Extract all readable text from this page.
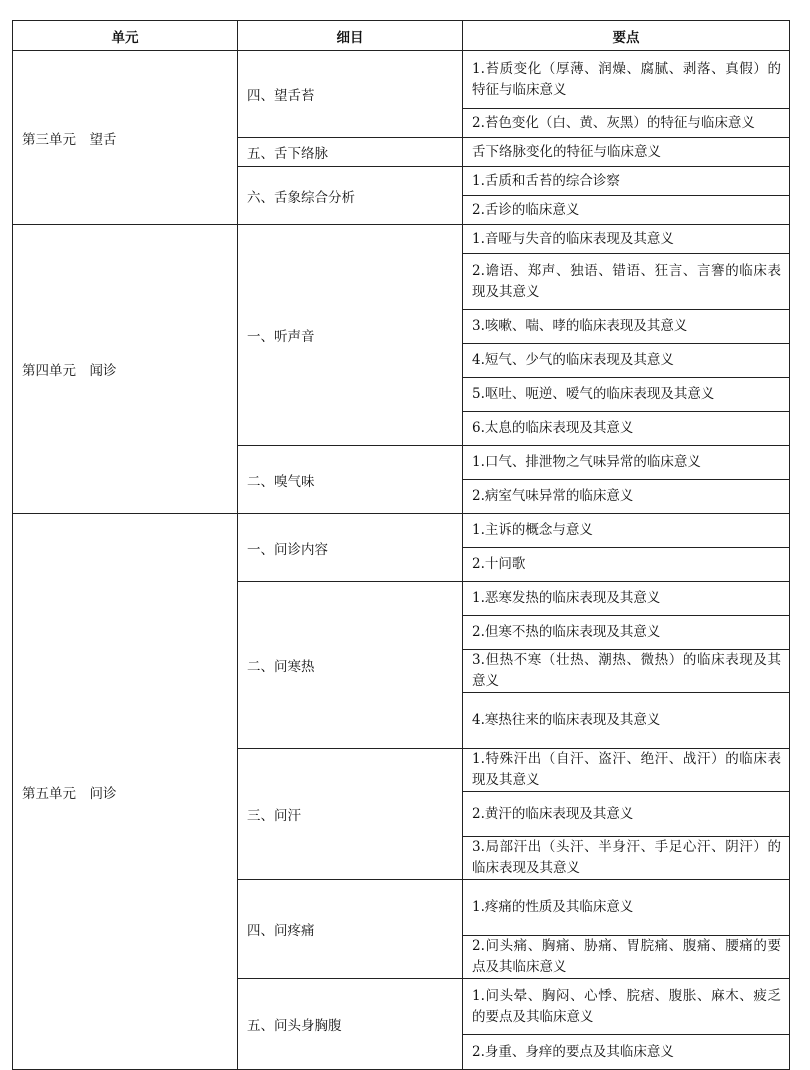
单元	细目	要点
第三单元　望舌	四、望舌苔	1.苔质变化（厚薄、润燥、腐腻、剥落、真假）的特征与临床意义
		2.苔色变化（白、黄、灰黑）的特征与临床意义
	五、舌下络脉	舌下络脉变化的特征与临床意义
	六、舌象综合分析	1.舌质和舌苔的综合诊察
		2.舌诊的临床意义
第四单元　闻诊	一、听声音	1.音哑与失音的临床表现及其意义
		2.谵语、郑声、独语、错语、狂言、言謇的临床表现及其意义
		3.咳嗽、喘、哮的临床表现及其意义
		4.短气、少气的临床表现及其意义
		5.呕吐、呃逆、嗳气的临床表现及其意义
		6.太息的临床表现及其意义
	二、嗅气味	1.口气、排泄物之气味异常的临床意义
		2.病室气味异常的临床意义
第五单元　问诊	一、问诊内容	1.主诉的概念与意义
		2.十问歌
	二、问寒热	1.恶寒发热的临床表现及其意义
		2.但寒不热的临床表现及其意义
		3.但热不寒（壮热、潮热、微热）的临床表现及其意义
		4.寒热往来的临床表现及其意义
	三、问汗	1.特殊汗出（自汗、盗汗、绝汗、战汗）的临床表现及其意义
		2.黄汗的临床表现及其意义
		3.局部汗出（头汗、半身汗、手足心汗、阴汗）的临床表现及其意义
	四、问疼痛	1.疼痛的性质及其临床意义
		2.问头痛、胸痛、胁痛、胃脘痛、腹痛、腰痛的要点及其临床意义
	五、问头身胸腹	1.问头晕、胸闷、心悸、脘痞、腹胀、麻木、疲乏的要点及其临床意义
		2.身重、身痒的要点及其临床意义
